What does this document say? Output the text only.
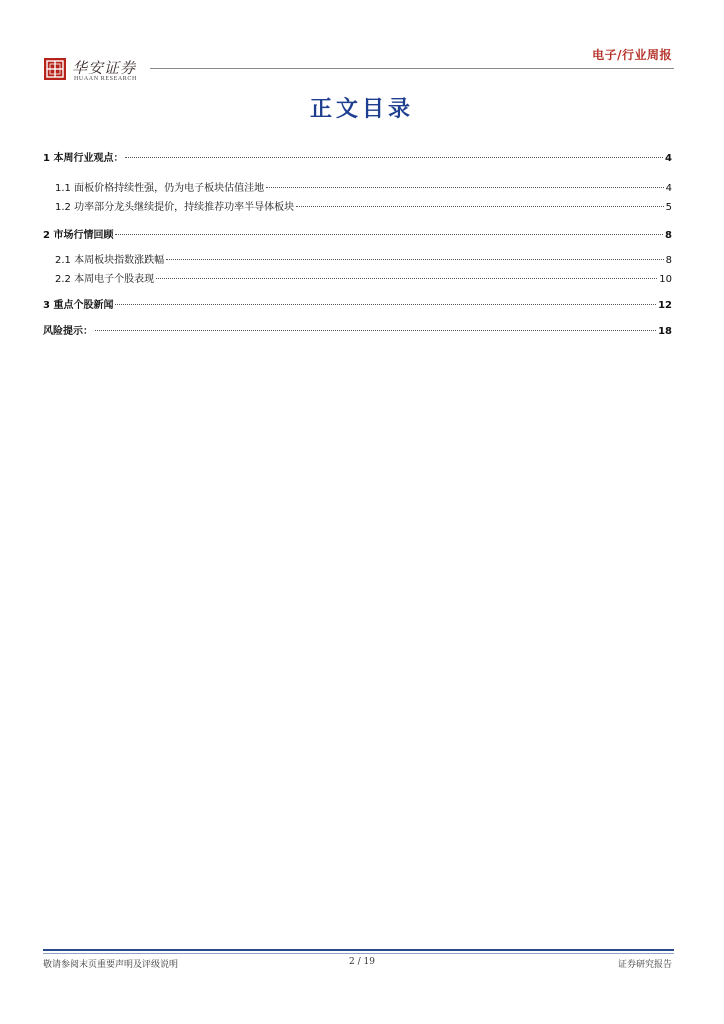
华安证券
HUAAN RESEARCH
电子/行业周报
正文目录
1 本周行业观点：	4
1.1 面板价格持续性强，仍为电子板块估值洼地	4
1.2 功率部分龙头继续提价，持续推荐功率半导体板块	5
2 市场行情回顾	8
2.1 本周板块指数涨跌幅	8
2.2 本周电子个股表现	10
3 重点个股新闻	12
风险提示：	18
敬请参阅末页重要声明及评级说明	2 / 19	证券研究报告
